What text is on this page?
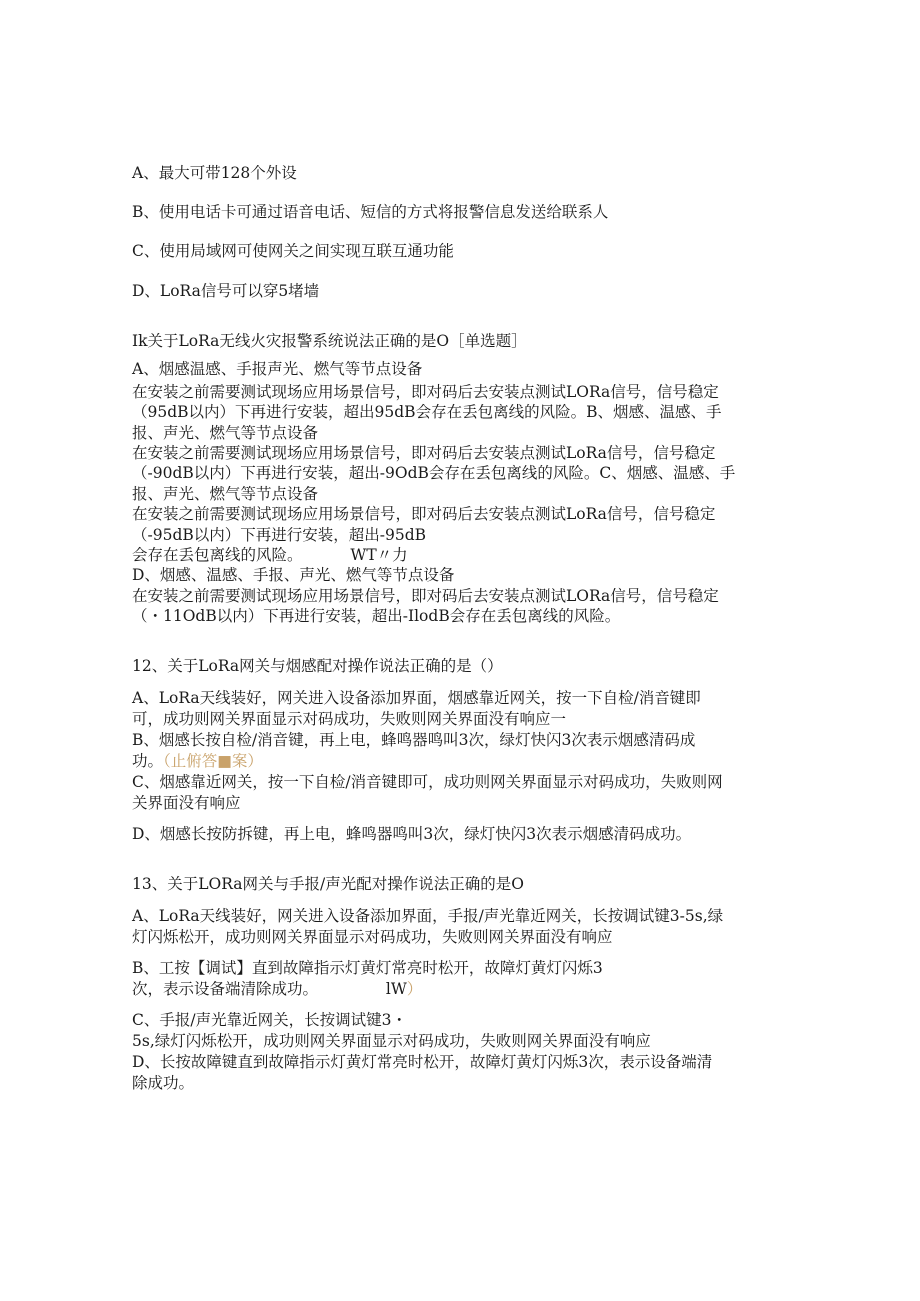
A、最大可带128个外设
B、使用电话卡可通过语音电话、短信的方式将报警信息发送给联系人
C、使用局域网可使网关之间实现互联互通功能
D、LoRa信号可以穿5堵墙
Ik关于LoRa无线火灾报警系统说法正确的是O［单选题］
A、烟感温感、手报声光、燃气等节点设备
在安装之前需要测试现场应用场景信号，即对码后去安装点测试LORa信号，信号稳定
（95dB以内）下再进行安装，超出95dB会存在丢包离线的风险。B、烟感、温感、手
报、声光、燃气等节点设备
在安装之前需要测试现场应用场景信号，即对码后去安装点测试LoRa信号，信号稳定
（-90dB以内）下再进行安装，超出-9OdB会存在丢包离线的风险。C、烟感、温感、手
报、声光、燃气等节点设备
在安装之前需要测试现场应用场景信号，即对码后去安装点测试LoRa信号，信号稳定
（-95dB以内）下再进行安装，超出-95dB
会存在丢包离线的风险。	WT〃力
D、烟感、温感、手报、声光、燃气等节点设备
在安装之前需要测试现场应用场景信号，即对码后去安装点测试LORa信号，信号稳定
（・11OdB以内）下再进行安装，超出-IlodB会存在丢包离线的风险。
12、关于LoRa网关与烟感配对操作说法正确的是（）
A、LoRa天线装好，网关进入设备添加界面，烟感靠近网关，按一下自检/消音键即
可，成功则网关界面显示对码成功，失败则网关界面没有响应一
B、烟感长按自检/消音键，再上电，蜂鸣器鸣叫3次，绿灯快闪3次表示烟感清码成
功。（止俯答■案）
C、烟感靠近网关，按一下自检/消音键即可，成功则网关界面显示对码成功，失败则网
关界面没有响应
D、烟感长按防拆键，再上电，蜂鸣器鸣叫3次，绿灯快闪3次表示烟感清码成功。
13、关于LORa网关与手报/声光配对操作说法正确的是O
A、LoRa天线装好，网关进入设备添加界面，手报/声光靠近网关，长按调试键3-5s,绿
灯闪烁松开，成功则网关界面显示对码成功，失败则网关界面没有响应
B、工按【调试】直到故障指示灯黄灯常亮时松开，故障灯黄灯闪烁3
次，表示设备端清除成功。	lW）
C、手报/声光靠近网关，长按调试键3・
5s,绿灯闪烁松开，成功则网关界面显示对码成功，失败则网关界面没有响应
D、长按故障键直到故障指示灯黄灯常亮时松开，故障灯黄灯闪烁3次，表示设备端清
除成功。
